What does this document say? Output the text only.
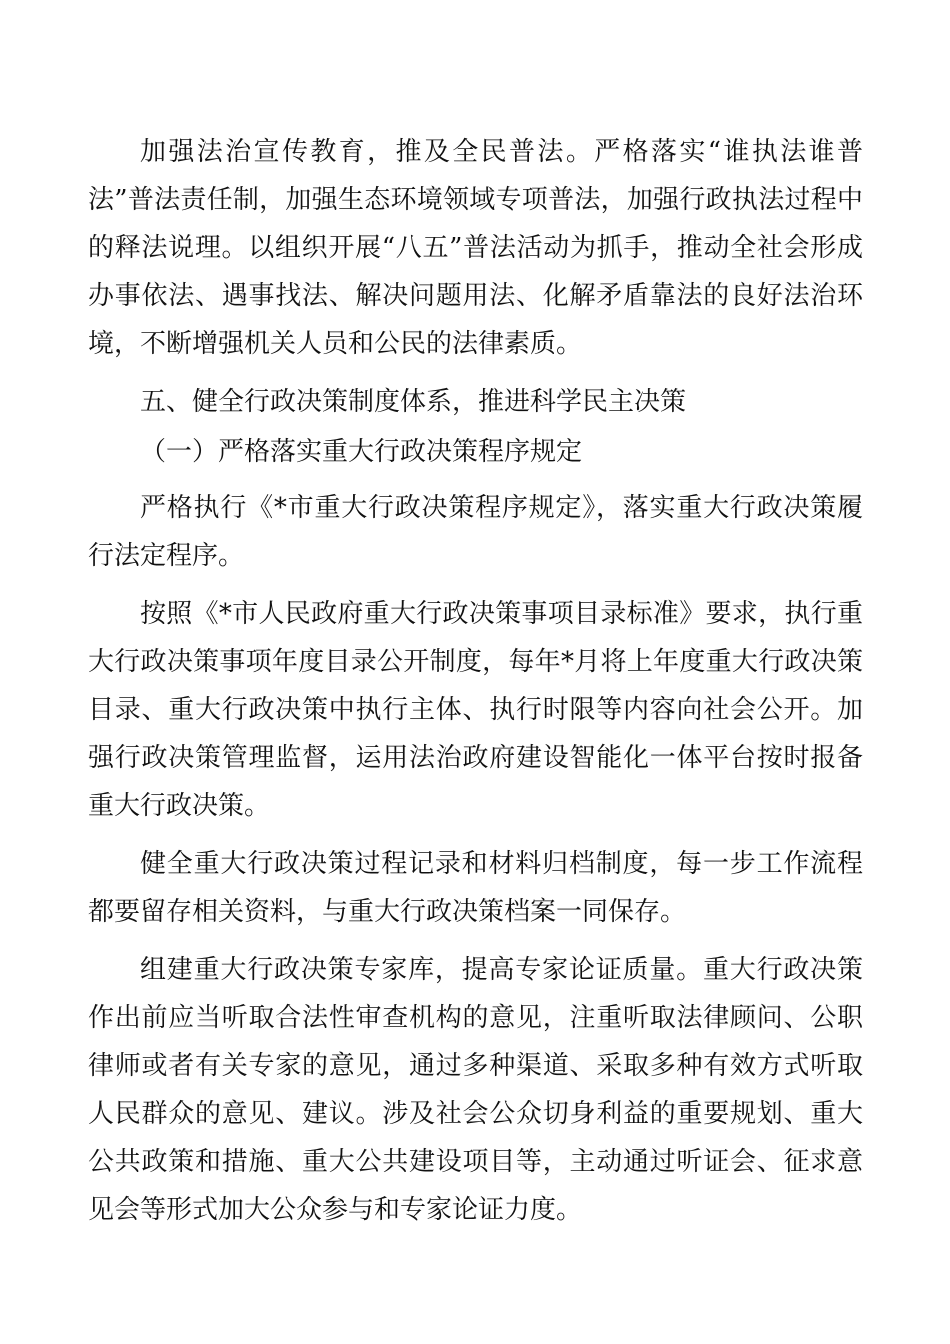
加强法治宣传教育，推及全民普法。严格落实“谁执法谁普法”普法责任制，加强生态环境领域专项普法，加强行政执法过程中的释法说理。以组织开展“八五”普法活动为抓手，推动全社会形成办事依法、遇事找法、解决问题用法、化解矛盾靠法的良好法治环境，不断增强机关人员和公民的法律素质。

五、健全行政决策制度体系，推进科学民主决策

（一）严格落实重大行政决策程序规定

严格执行《*市重大行政决策程序规定》，落实重大行政决策履行法定程序。

按照《*市人民政府重大行政决策事项目录标准》要求，执行重大行政决策事项年度目录公开制度，每年*月将上年度重大行政决策目录、重大行政决策中执行主体、执行时限等内容向社会公开。加强行政决策管理监督，运用法治政府建设智能化一体平台按时报备重大行政决策。

健全重大行政决策过程记录和材料归档制度，每一步工作流程都要留存相关资料，与重大行政决策档案一同保存。

组建重大行政决策专家库，提高专家论证质量。重大行政决策作出前应当听取合法性审查机构的意见，注重听取法律顾问、公职律师或者有关专家的意见，通过多种渠道、采取多种有效方式听取人民群众的意见、建议。涉及社会公众切身利益的重要规划、重大公共政策和措施、重大公共建设项目等，主动通过听证会、征求意见会等形式加大公众参与和专家论证力度。
